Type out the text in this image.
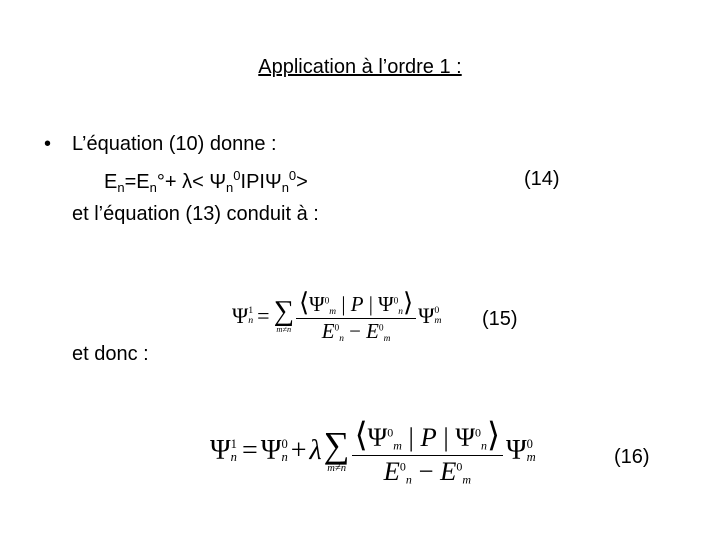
Application à l’ordre 1 :
• L’équation (10) donne :
$E_n=E_n^\circ+ \lambda< \Psi_n^0IPI\Psi_n^0>$	(14)
et l’équation (13) conduit à :
Ψ 1
n = ∑
$m\ne n \frac{⟨\Psi^0m | P | \Psi^0n⟩}{E^0n - E^0m}$ Ψ 0
m (15)
et donc :
Ψ 1
n = Ψ 0
n + λ ∑
$m\ne n \frac{⟨\Psi^0m | P | \Psi^0n⟩}{E^0n - E^0m}$ Ψ 0
m	(16)
